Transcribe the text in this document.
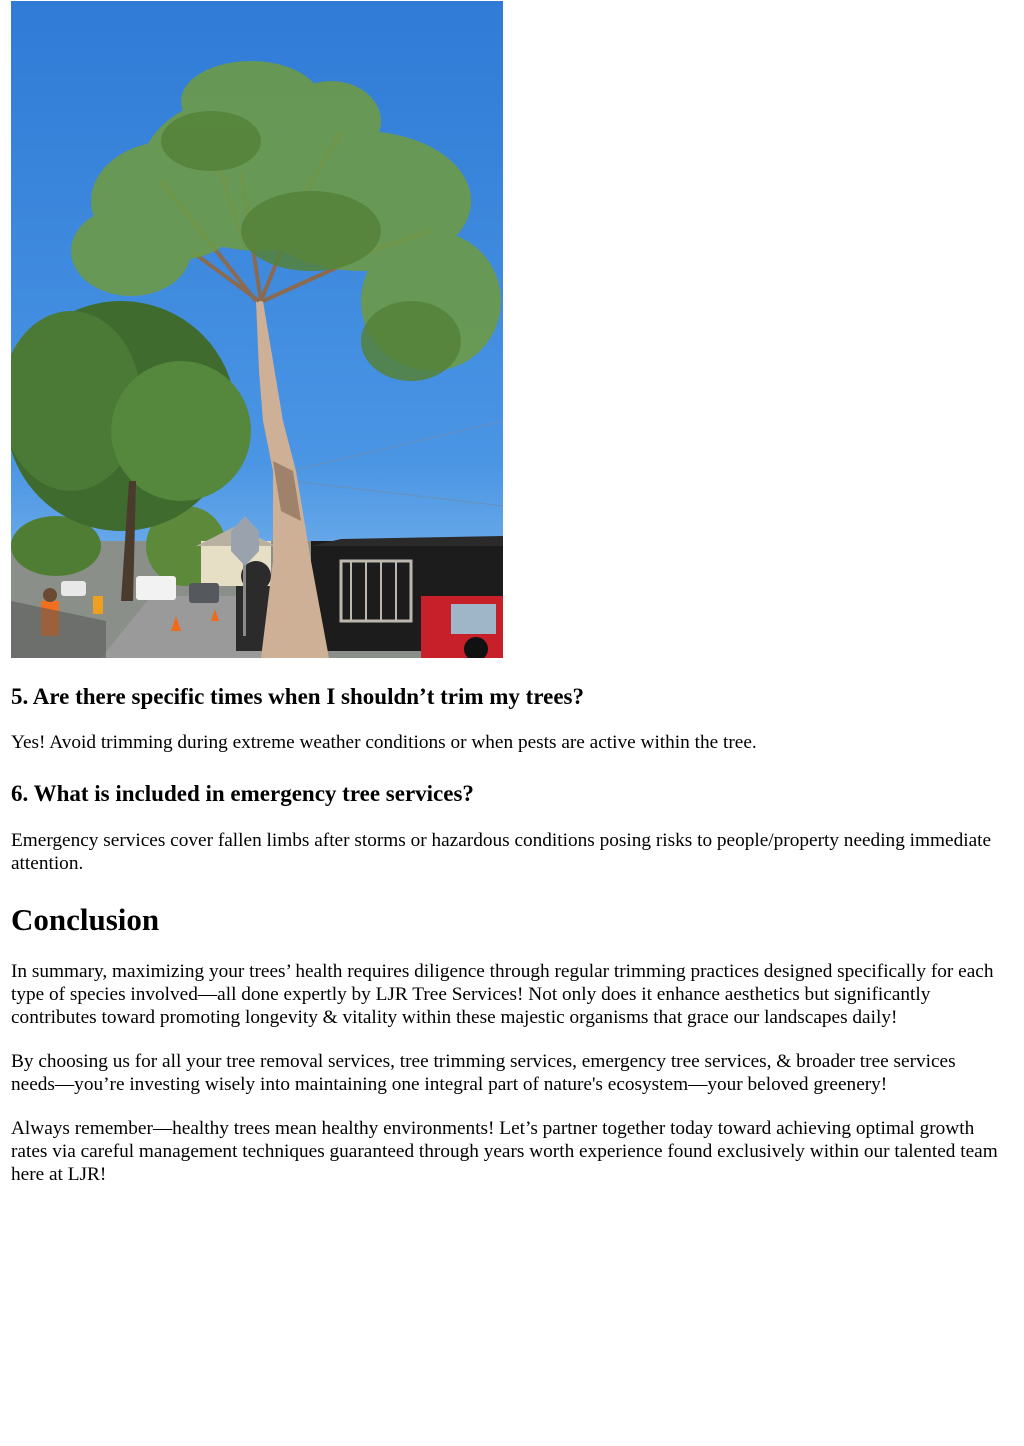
5. Are there specific times when I shouldn’t trim my trees?

Yes! Avoid trimming during extreme weather conditions or when pests are active within the tree.

6. What is included in emergency tree services?

Emergency services cover fallen limbs after storms or hazardous conditions posing risks to people/property needing immediate attention.

Conclusion

In summary, maximizing your trees’ health requires diligence through regular trimming practices designed specifically for each type of species involved—all done expertly by LJR Tree Services! Not only does it enhance aesthetics but significantly contributes toward promoting longevity & vitality within these majestic organisms that grace our landscapes daily!

By choosing us for all your tree removal services, tree trimming services, emergency tree services, & broader tree services needs—you’re investing wisely into maintaining one integral part of nature's ecosystem—your beloved greenery!

Always remember—healthy trees mean healthy environments! Let’s partner together today toward achieving optimal growth rates via careful management techniques guaranteed through years worth experience found exclusively within our talented team here at LJR!
